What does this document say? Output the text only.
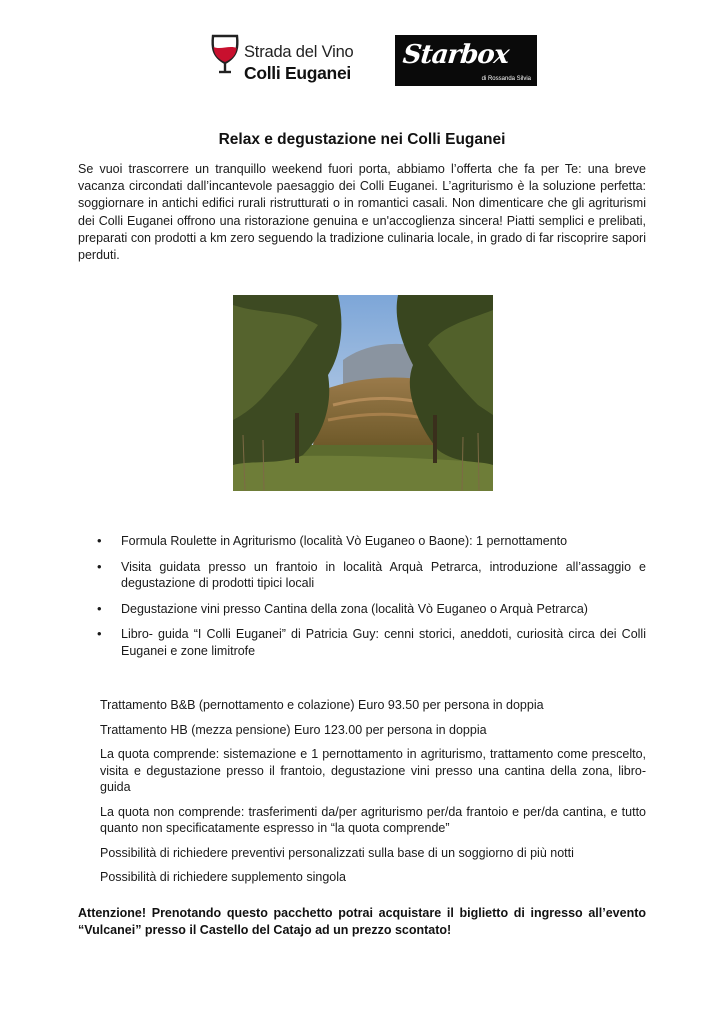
Strada del Vino
Colli Euganei
Starbox
di Rossanda Silvia
Relax e degustazione nei Colli Euganei
Se vuoi trascorrere un tranquillo weekend fuori porta, abbiamo l’offerta che fa per Te: una breve vacanza circondati dall’incantevole paesaggio dei Colli Euganei. L’agriturismo è la soluzione perfetta: soggiornare in antichi edifici rurali ristrutturati o in romantici casali. Non dimenticare che gli agriturismi dei Colli Euganei offrono una ristorazione genuina e un'accoglienza sincera! Piatti semplici e prelibati, preparati con prodotti a km zero seguendo la tradizione culinaria locale, in grado di far riscoprire sapori perduti.
• Formula Roulette in Agriturismo (località Vò Euganeo o Baone): 1 pernottamento
• Visita guidata presso un frantoio in località Arquà Petrarca, introduzione all’assaggio e degustazione di prodotti tipici locali
• Degustazione vini presso Cantina della zona (località Vò Euganeo o Arquà Petrarca)
• Libro- guida “I Colli Euganei” di Patricia Guy: cenni storici, aneddoti, curiosità circa dei Colli Euganei e zone limitrofe

Trattamento B&B (pernottamento e colazione) Euro 93.50 per persona in doppia

Trattamento HB (mezza pensione) Euro 123.00 per persona in doppia

La quota comprende: sistemazione e 1 pernottamento in agriturismo, trattamento come prescelto, visita e degustazione presso il frantoio, degustazione vini presso una cantina della zona, libro- guida

La quota non comprende: trasferimenti da/per agriturismo per/da frantoio e per/da cantina, e tutto quanto non specificatamente espresso in “la quota comprende”

Possibilità di richiedere preventivi personalizzati sulla base di un soggiorno di più notti

Possibilità di richiedere supplemento singola

Attenzione! Prenotando questo pacchetto potrai acquistare il biglietto di ingresso all’evento “Vulcanei” presso il Castello del Catajo ad un prezzo scontato!
